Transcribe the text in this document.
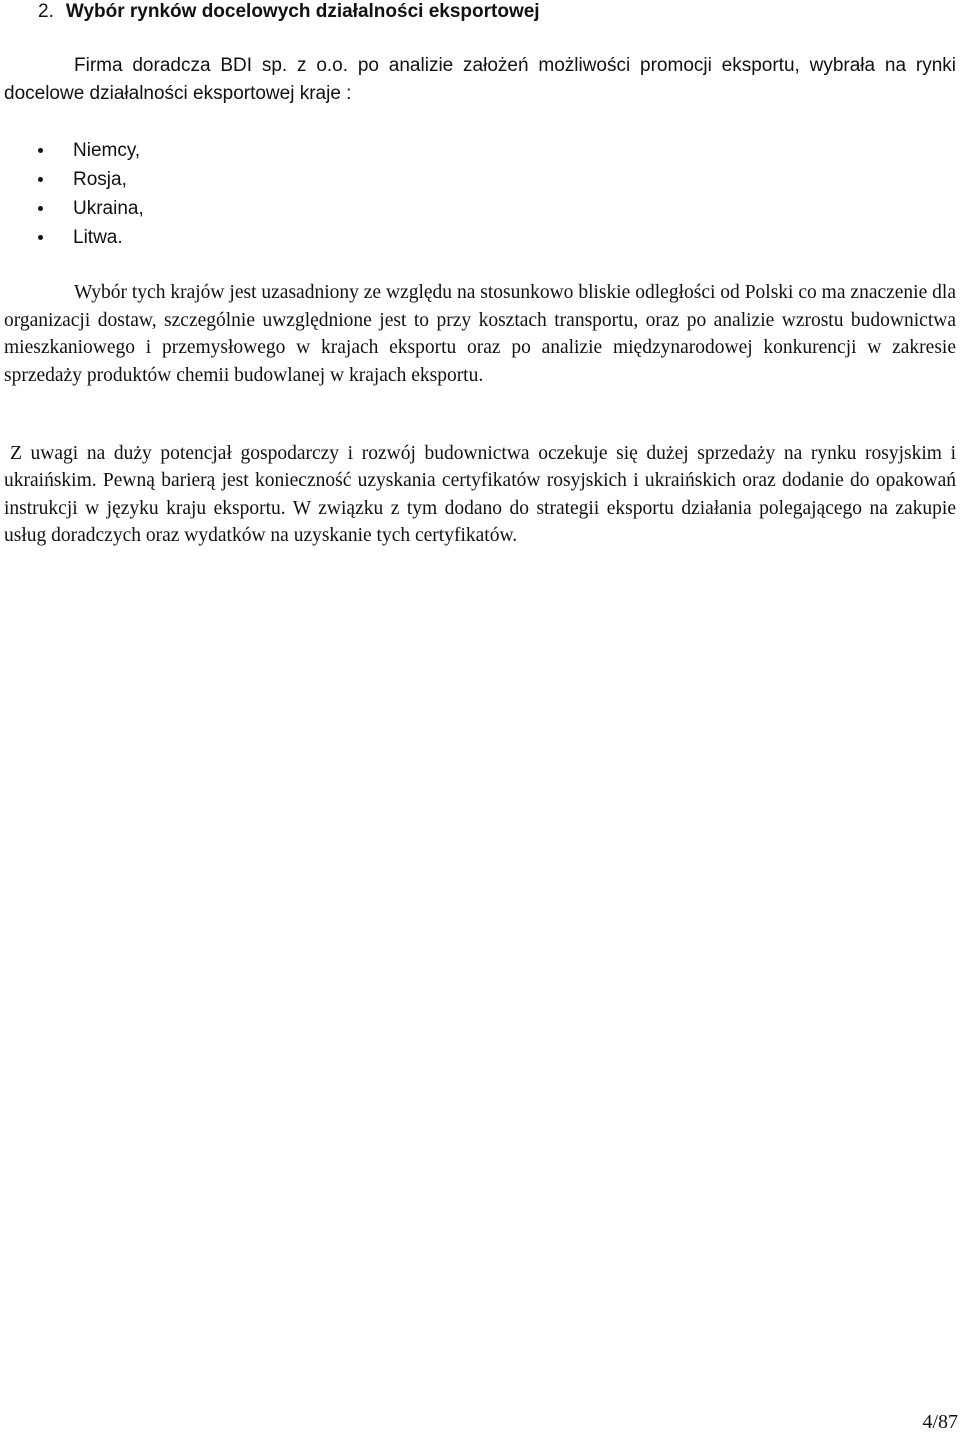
2. Wybór rynków docelowych działalności eksportowej

Firma doradcza BDI sp. z o.o. po analizie założeń możliwości promocji eksportu, wybrała na rynki docelowe działalności eksportowej kraje :

Niemcy,
Rosja,
Ukraina,
Litwa.

Wybór tych krajów jest uzasadniony ze względu na stosunkowo bliskie odległości od Polski co ma znaczenie dla organizacji dostaw, szczególnie uwzględnione jest to przy kosztach transportu, oraz po analizie wzrostu budownictwa mieszkaniowego i przemysłowego w krajach eksportu oraz po analizie międzynarodowej konkurencji w zakresie sprzedaży produktów chemii budowlanej w krajach eksportu.

Z uwagi na duży potencjał gospodarczy i rozwój budownictwa oczekuje się dużej sprzedaży na rynku rosyjskim i ukraińskim. Pewną barierą jest konieczność uzyskania certyfikatów rosyjskich i ukraińskich oraz dodanie do opakowań instrukcji w języku kraju eksportu. W związku z tym dodano do strategii eksportu działania polegającego na zakupie usług doradczych oraz wydatków na uzyskanie tych certyfikatów.

4/87
